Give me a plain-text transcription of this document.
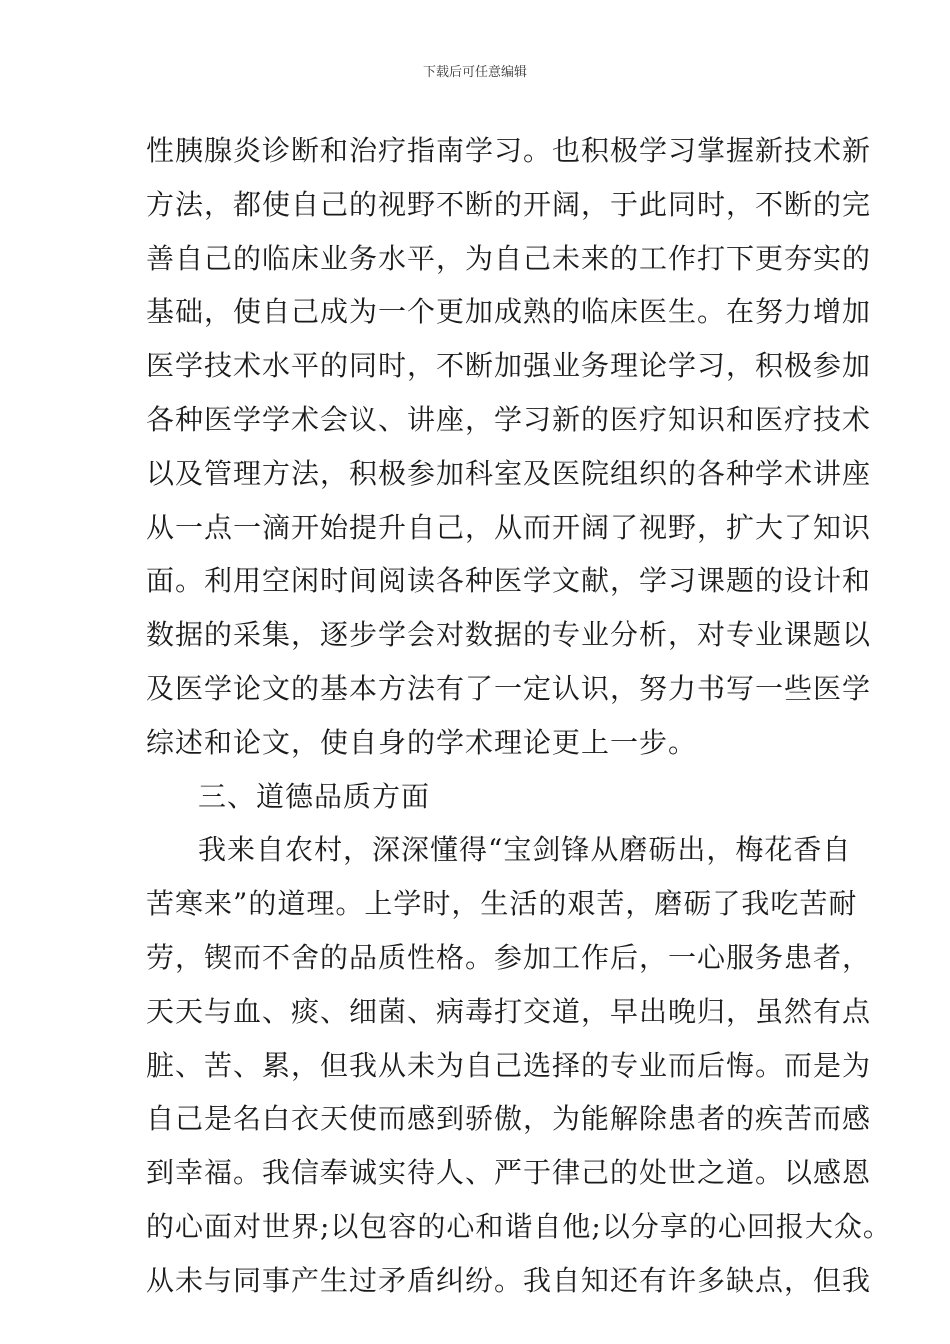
下载后可任意编辑
性胰腺炎诊断和治疗指南学习。也积极学习掌握新技术新
方法，都使自己的视野不断的开阔，于此同时，不断的完
善自己的临床业务水平，为自己未来的工作打下更夯实的
基础，使自己成为一个更加成熟的临床医生。在努力增加
医学技术水平的同时，不断加强业务理论学习，积极参加
各种医学学术会议、讲座，学习新的医疗知识和医疗技术
以及管理方法，积极参加科室及医院组织的各种学术讲座
从一点一滴开始提升自己，从而开阔了视野，扩大了知识
面。利用空闲时间阅读各种医学文献，学习课题的设计和
数据的采集，逐步学会对数据的专业分析，对专业课题以
及医学论文的基本方法有了一定认识，努力书写一些医学
综述和论文，使自身的学术理论更上一步。
三、道德品质方面
我来自农村，深深懂得“宝剑锋从磨砺出，梅花香自
苦寒来”的道理。上学时，生活的艰苦，磨砺了我吃苦耐
劳，锲而不舍的品质性格。参加工作后，一心服务患者，
天天与血、痰、细菌、病毒打交道，早出晚归，虽然有点
脏、苦、累，但我从未为自己选择的专业而后悔。而是为
自己是名白衣天使而感到骄傲，为能解除患者的疾苦而感
到幸福。我信奉诚实待人、严于律己的处世之道。以感恩
的心面对世界;以包容的心和谐自他;以分享的心回报大众。
从未与同事产生过矛盾纠纷。我自知还有许多缺点，但我
